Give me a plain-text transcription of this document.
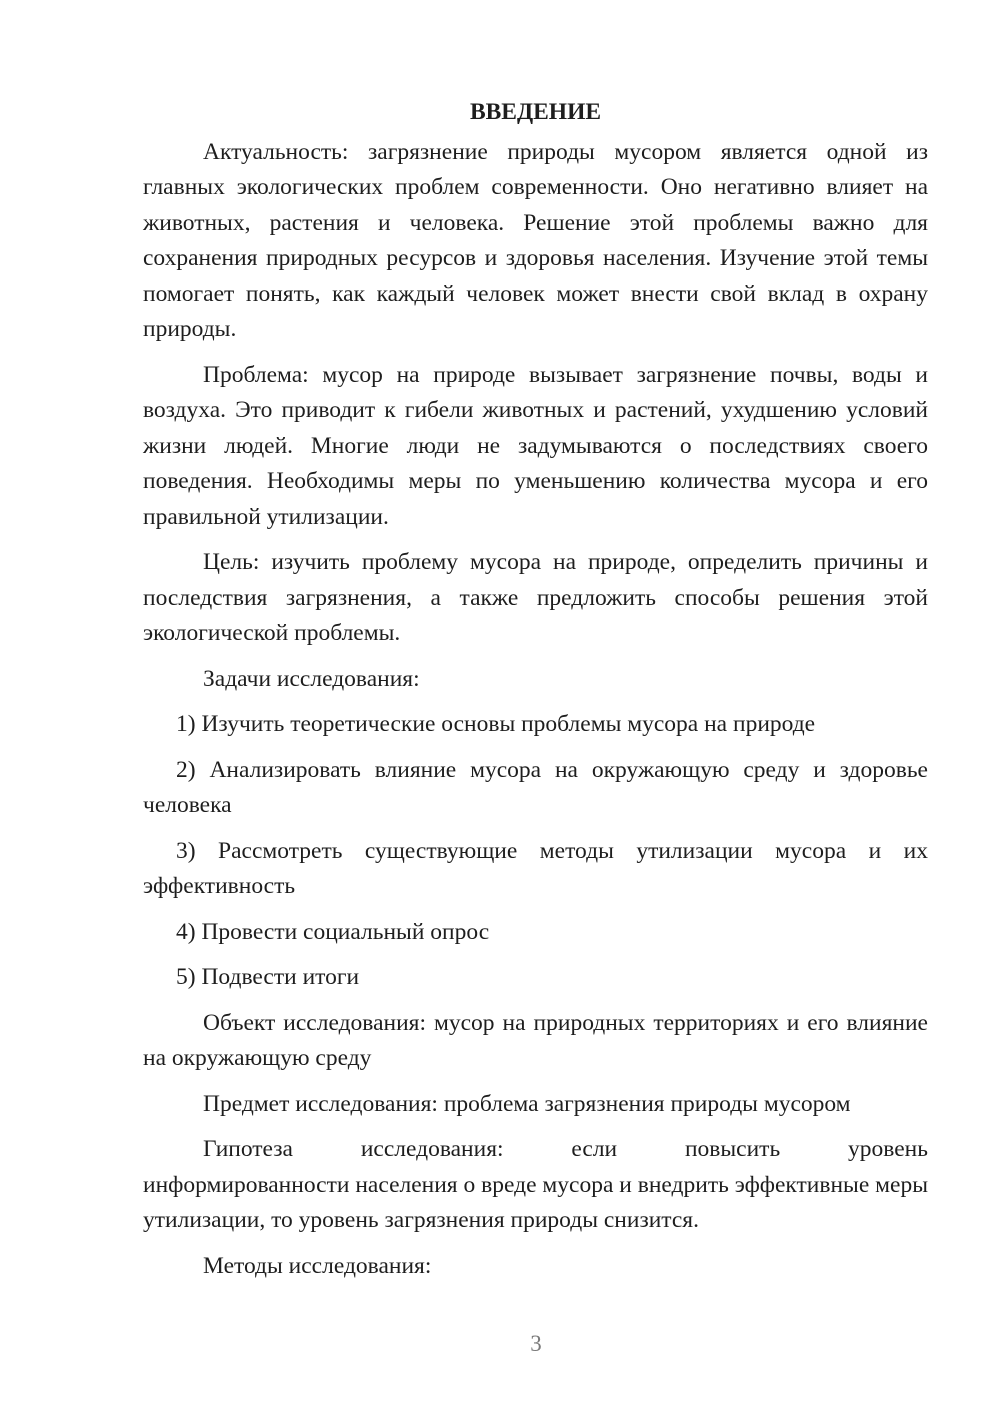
ВВЕДЕНИЕ

Актуальность: загрязнение природы мусором является одной из главных экологических проблем современности. Оно негативно влияет на животных, растения и человека. Решение этой проблемы важно для сохранения природных ресурсов и здоровья населения. Изучение этой темы помогает понять, как каждый человек может внести свой вклад в охрану природы.

Проблема: мусор на природе вызывает загрязнение почвы, воды и воздуха. Это приводит к гибели животных и растений, ухудшению условий жизни людей. Многие люди не задумываются о последствиях своего поведения. Необходимы меры по уменьшению количества мусора и его правильной утилизации.

Цель: изучить проблему мусора на природе, определить причины и последствия загрязнения, а также предложить способы решения этой экологической проблемы.

Задачи исследования:

1) Изучить теоретические основы проблемы мусора на природе

2) Анализировать влияние мусора на окружающую среду и здоровье человека

3) Рассмотреть существующие методы утилизации мусора и их эффективность

4) Провести социальный опрос

5) Подвести итоги

Объект исследования: мусор на природных территориях и его влияние на окружающую среду

Предмет исследования: проблема загрязнения природы мусором

Гипотеза	исследования:	если	повысить	уровень
информированности населения о вреде мусора и внедрить эффективные меры утилизации, то уровень загрязнения природы снизится.

Методы исследования:

3
